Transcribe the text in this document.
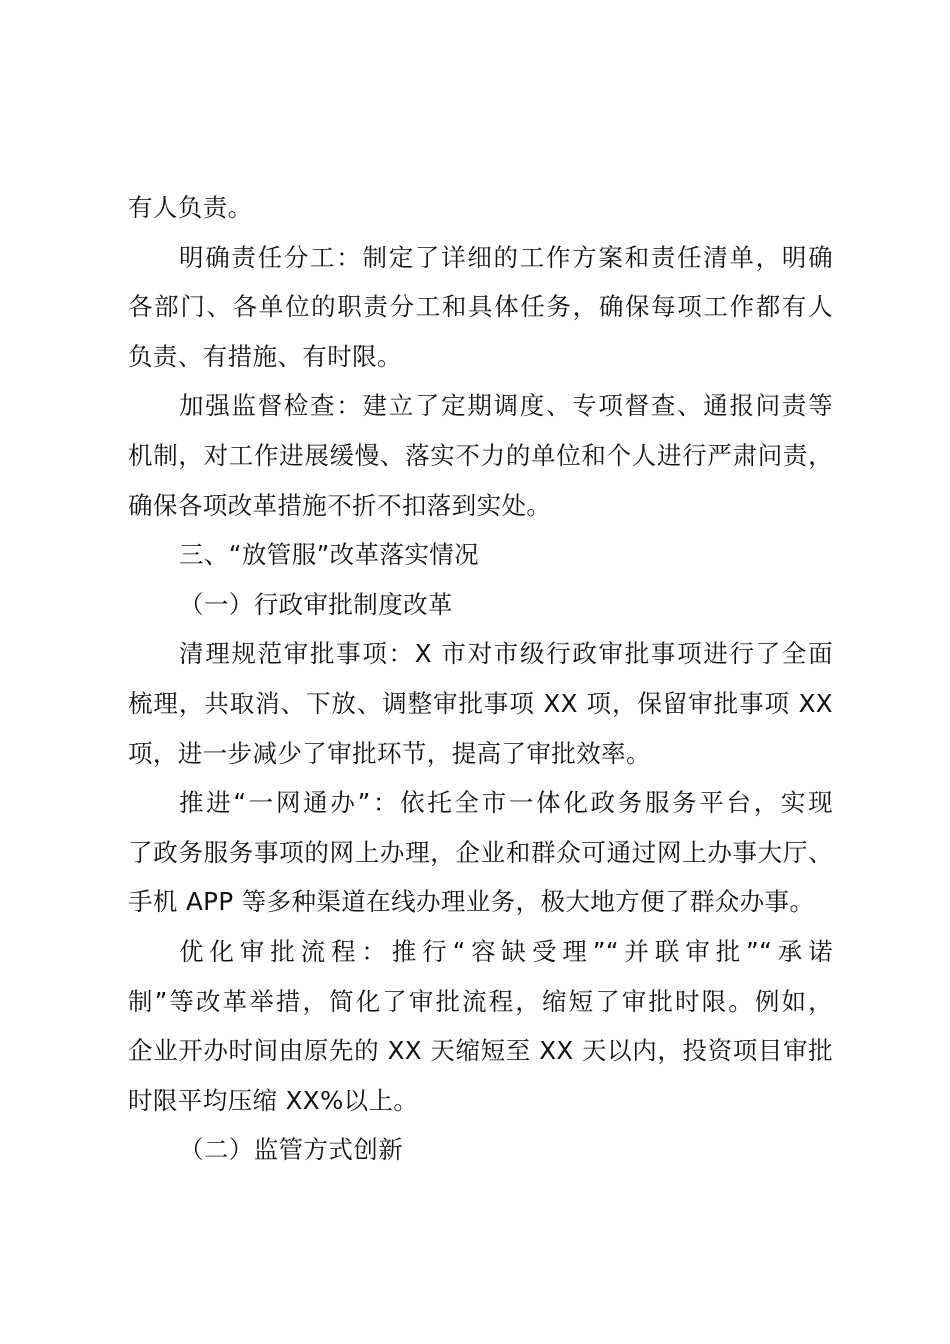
有人负责。
明确责任分工：制定了详细的工作方案和责任清单，明确
各部门、各单位的职责分工和具体任务，确保每项工作都有人
负责、有措施、有时限。
加强监督检查：建立了定期调度、专项督查、通报问责等
机制，对工作进展缓慢、落实不力的单位和个人进行严肃问责，
确保各项改革措施不折不扣落到实处。
三、“放管服”改革落实情况
（一）行政审批制度改革
清理规范审批事项：X 市对市级行政审批事项进行了全面
梳理，共取消、下放、调整审批事项 XX 项，保留审批事项 XX
项，进一步减少了审批环节，提高了审批效率。
推进“一网通办”：依托全市一体化政务服务平台，实现
了政务服务事项的网上办理，企业和群众可通过网上办事大厅、
手机 APP 等多种渠道在线办理业务，极大地方便了群众办事。
优化审批流程：推行“容缺受理”“并联审批”“承诺
制”等改革举措，简化了审批流程，缩短了审批时限。例如，
企业开办时间由原先的 XX 天缩短至 XX 天以内，投资项目审批
时限平均压缩 XX%以上。
（二）监管方式创新
